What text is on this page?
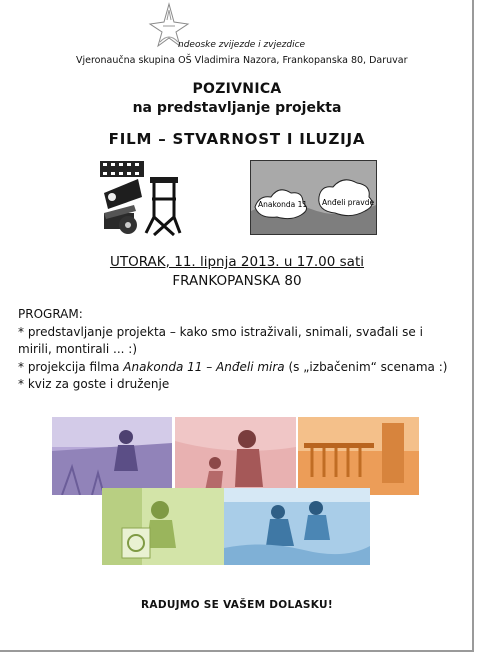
ndeoske zvijezde i zvjezdice
Vjeronaučna skupina OŠ Vladimira Nazora, Frankopanska 80, Daruvar
POZIVNICA
na predstavljanje projekta
FILM – STVARNOST I ILUZIJA
Anakonda 11 Anđeli pravde
UTORAK, 11. lipnja 2013. u 17.00 sati
FRANKOPANSKA 80
PROGRAM:
* predstavljanje projekta – kako smo istraživali, snimali, svađali se i
mirili, montirali ... :)
* projekcija filma Anakonda 11 – Anđeli mira (s „izbačenim“ scenama :)
* kviz za goste i druženje
RADUJMO SE VAŠEM DOLASKU!
